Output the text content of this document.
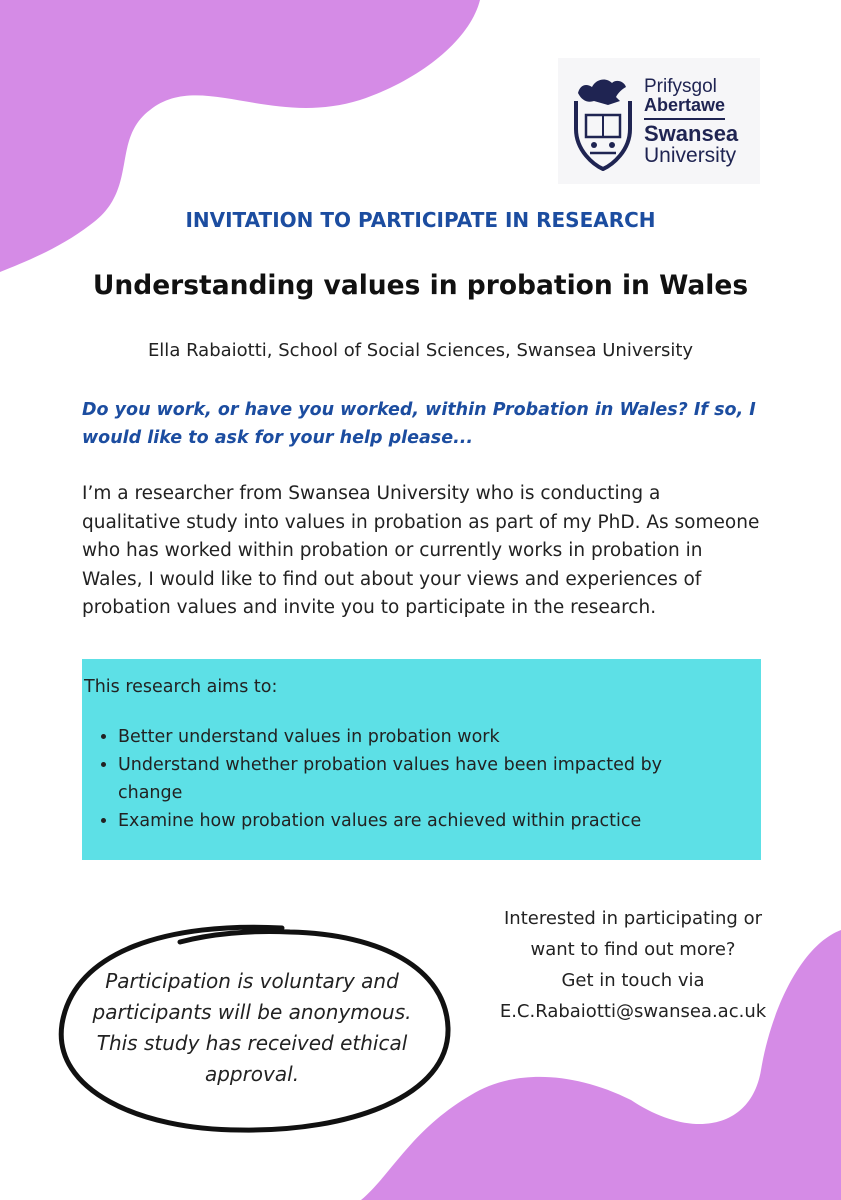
Prifysgol
Abertawe
Swansea
University
INVITATION TO PARTICIPATE IN RESEARCH
Understanding values in probation in Wales
Ella Rabaiotti, School of Social Sciences, Swansea University
Do you work, or have you worked, within Probation in Wales? If so, I would like to ask for your help please...
I’m a researcher from Swansea University who is conducting a qualitative study into values in probation as part of my PhD. As someone who has worked within probation or currently works in probation in Wales, I would like to find out about your views and experiences of probation values and invite you to participate in the research.
This research aims to:
• Better understand values in probation work
• Understand whether probation values have been impacted by change
• Examine how probation values are achieved within practice
Participation is voluntary and participants will be anonymous. This study has received ethical approval.
Interested in participating or
want to find out more?
Get in touch via
E.C.Rabaiotti@swansea.ac.uk
